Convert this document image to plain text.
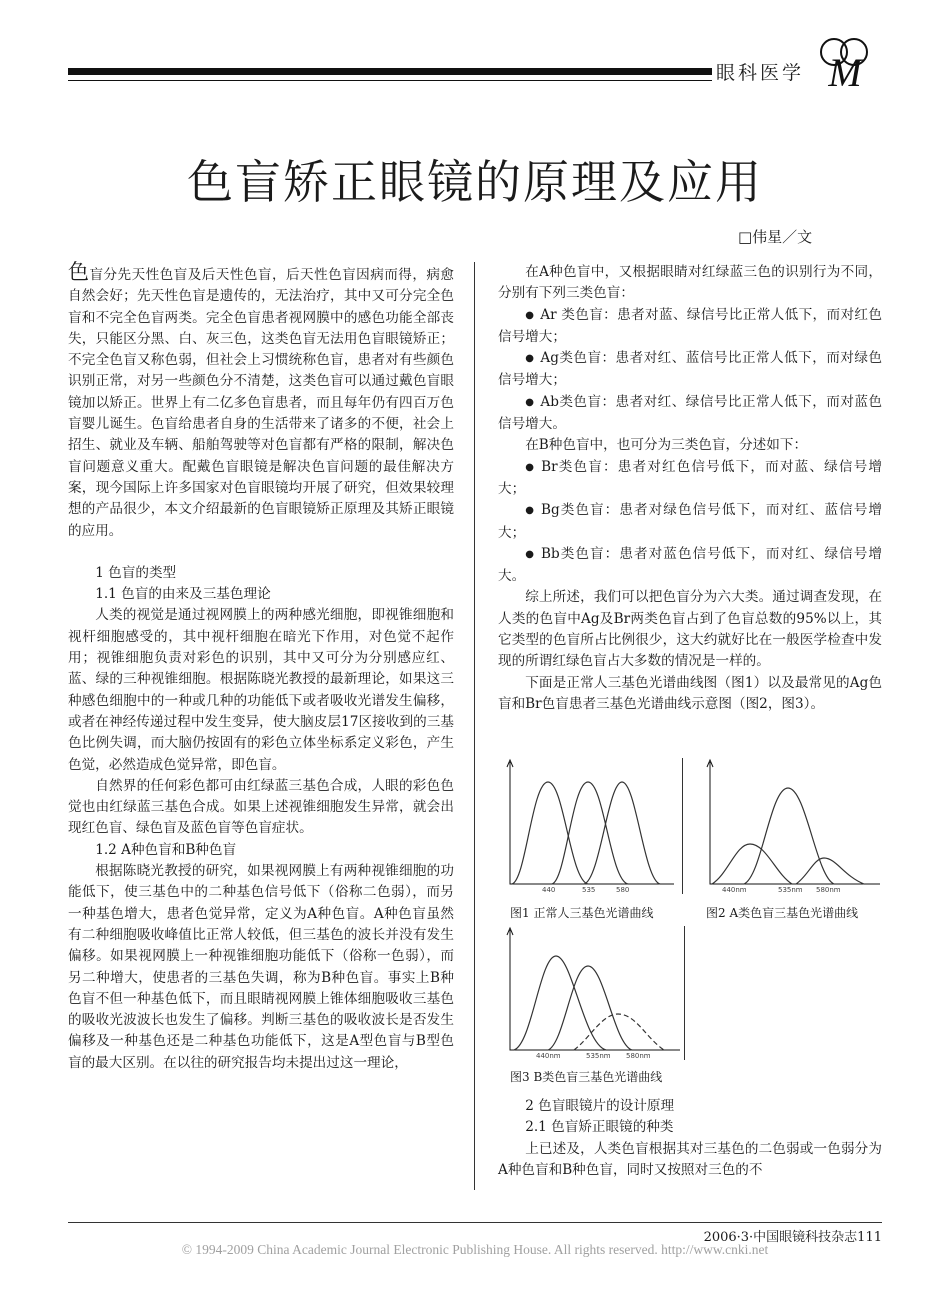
眼科医学 M
色盲矫正眼镜的原理及应用
□伟星／文

色盲分先天性色盲及后天性色盲，后天性色盲因病而得，病愈自然会好；先天性色盲是遗传的，无法治疗，其中又可分完全色盲和不完全色盲两类。完全色盲患者视网膜中的感色功能全部丧失，只能区分黑、白、灰三色，这类色盲无法用色盲眼镜矫正；不完全色盲又称色弱，但社会上习惯统称色盲，患者对有些颜色识别正常，对另一些颜色分不清楚，这类色盲可以通过戴色盲眼镜加以矫正。世界上有二亿多色盲患者，而且每年仍有四百万色盲婴儿诞生。色盲给患者自身的生活带来了诸多的不便，社会上招生、就业及车辆、船舶驾驶等对色盲都有严格的限制，解决色盲问题意义重大。配戴色盲眼镜是解决色盲问题的最佳解决方案，现今国际上许多国家对色盲眼镜均开展了研究，但效果较理想的产品很少，本文介绍最新的色盲眼镜矫正原理及其矫正眼镜的应用。

1 色盲的类型

1.1 色盲的由来及三基色理论

人类的视觉是通过视网膜上的两种感光细胞，即视锥细胞和视杆细胞感受的，其中视杆细胞在暗光下作用，对色觉不起作用；视锥细胞负责对彩色的识别，其中又可分为分别感应红、蓝、绿的三种视锥细胞。根据陈晓光教授的最新理论，如果这三种感色细胞中的一种或几种的功能低下或者吸收光谱发生偏移，或者在神经传递过程中发生变异，使大脑皮层17区接收到的三基色比例失调，而大脑仍按固有的彩色立体坐标系定义彩色，产生色觉，必然造成色觉异常，即色盲。

自然界的任何彩色都可由红绿蓝三基色合成，人眼的彩色色觉也由红绿蓝三基色合成。如果上述视锥细胞发生异常，就会出现红色盲、绿色盲及蓝色盲等色盲症状。

1.2 A种色盲和B种色盲

根据陈晓光教授的研究，如果视网膜上有两种视锥细胞的功能低下，使三基色中的二种基色信号低下（俗称二色弱），而另一种基色增大，患者色觉异常，定义为A种色盲。A种色盲虽然有二种细胞吸收峰值比正常人较低，但三基色的波长并没有发生偏移。如果视网膜上一种视锥细胞功能低下（俗称一色弱），而另二种增大，使患者的三基色失调，称为B种色盲。事实上B种色盲不但一种基色低下，而且眼睛视网膜上锥体细胞吸收三基色的吸收光波波长也发生了偏移。判断三基色的吸收波长是否发生偏移及一种基色还是二种基色功能低下，这是A型色盲与B型色盲的最大区别。在以往的研究报告均未提出过这一理论，

在A种色盲中，又根据眼睛对红绿蓝三色的识别行为不同，分别有下列三类色盲：

● Ar 类色盲：患者对蓝、绿信号比正常人低下，而对红色信号增大；

● Ag类色盲：患者对红、蓝信号比正常人低下，而对绿色信号增大；

● Ab类色盲：患者对红、绿信号比正常人低下，而对蓝色信号增大。

在B种色盲中，也可分为三类色盲，分述如下：

● Br类色盲：患者对红色信号低下，而对蓝、绿信号增大；

● Bg类色盲：患者对绿色信号低下，而对红、蓝信号增大；

● Bb类色盲：患者对蓝色信号低下，而对红、绿信号增大。

综上所述，我们可以把色盲分为六大类。通过调查发现，在人类的色盲中Ag及Br两类色盲占到了色盲总数的95%以上，其它类型的色盲所占比例很少，这大约就好比在一般医学检查中发现的所谓红绿色盲占大多数的情况是一样的。

下面是正常人三基色光谱曲线图（图1）以及最常见的Ag色盲和Br色盲患者三基色光谱曲线示意图（图2，图3）。

440	535	580	440nm	535nm 580nm
图1 正常人三基色光谱曲线	图2 A类色盲三基色光谱曲线
440nm	535nm 580nm
图3 B类色盲三基色光谱曲线

2 色盲眼镜片的设计原理

2.1 色盲矫正眼镜的种类

上已述及，人类色盲根据其对三基色的二色弱或一色弱分为A种色盲和B种色盲，同时又按照对三色的不

2006·3·中国眼镜科技杂志111
© 1994-2009 China Academic Journal Electronic Publishing House. All rights reserved. http://www.cnki.net
